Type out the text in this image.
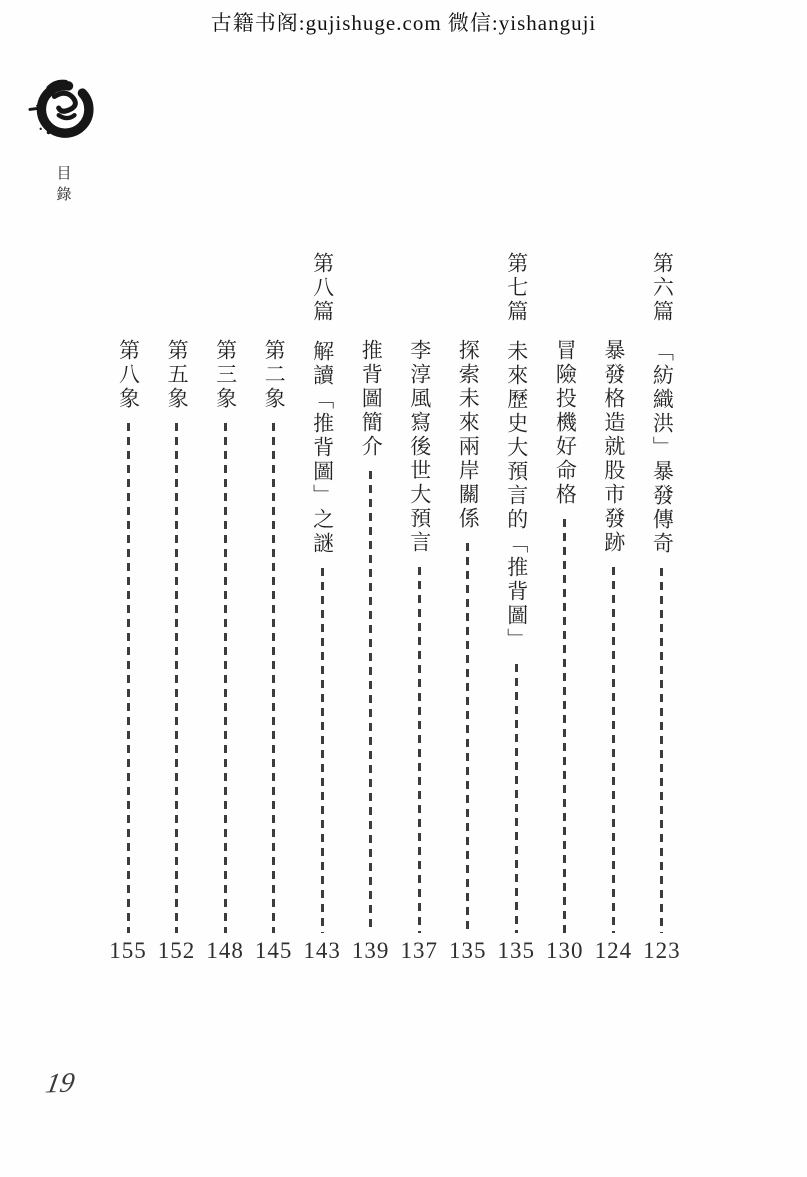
古籍书阁:gujishuge.com 微信:yishanguji
目錄
第六篇「紡織洪」暴發傳奇
123
暴發格造就股市發跡
124
冒險投機好命格
130
第七篇未來歷史大預言的「推背圖」
135
探索未來兩岸關係
135
李淳風寫後世大預言
137
推背圖簡介
139
第八篇解讀「推背圖」之謎
143
第二象
145
第三象
148
第五象
152
第八象
155
19
